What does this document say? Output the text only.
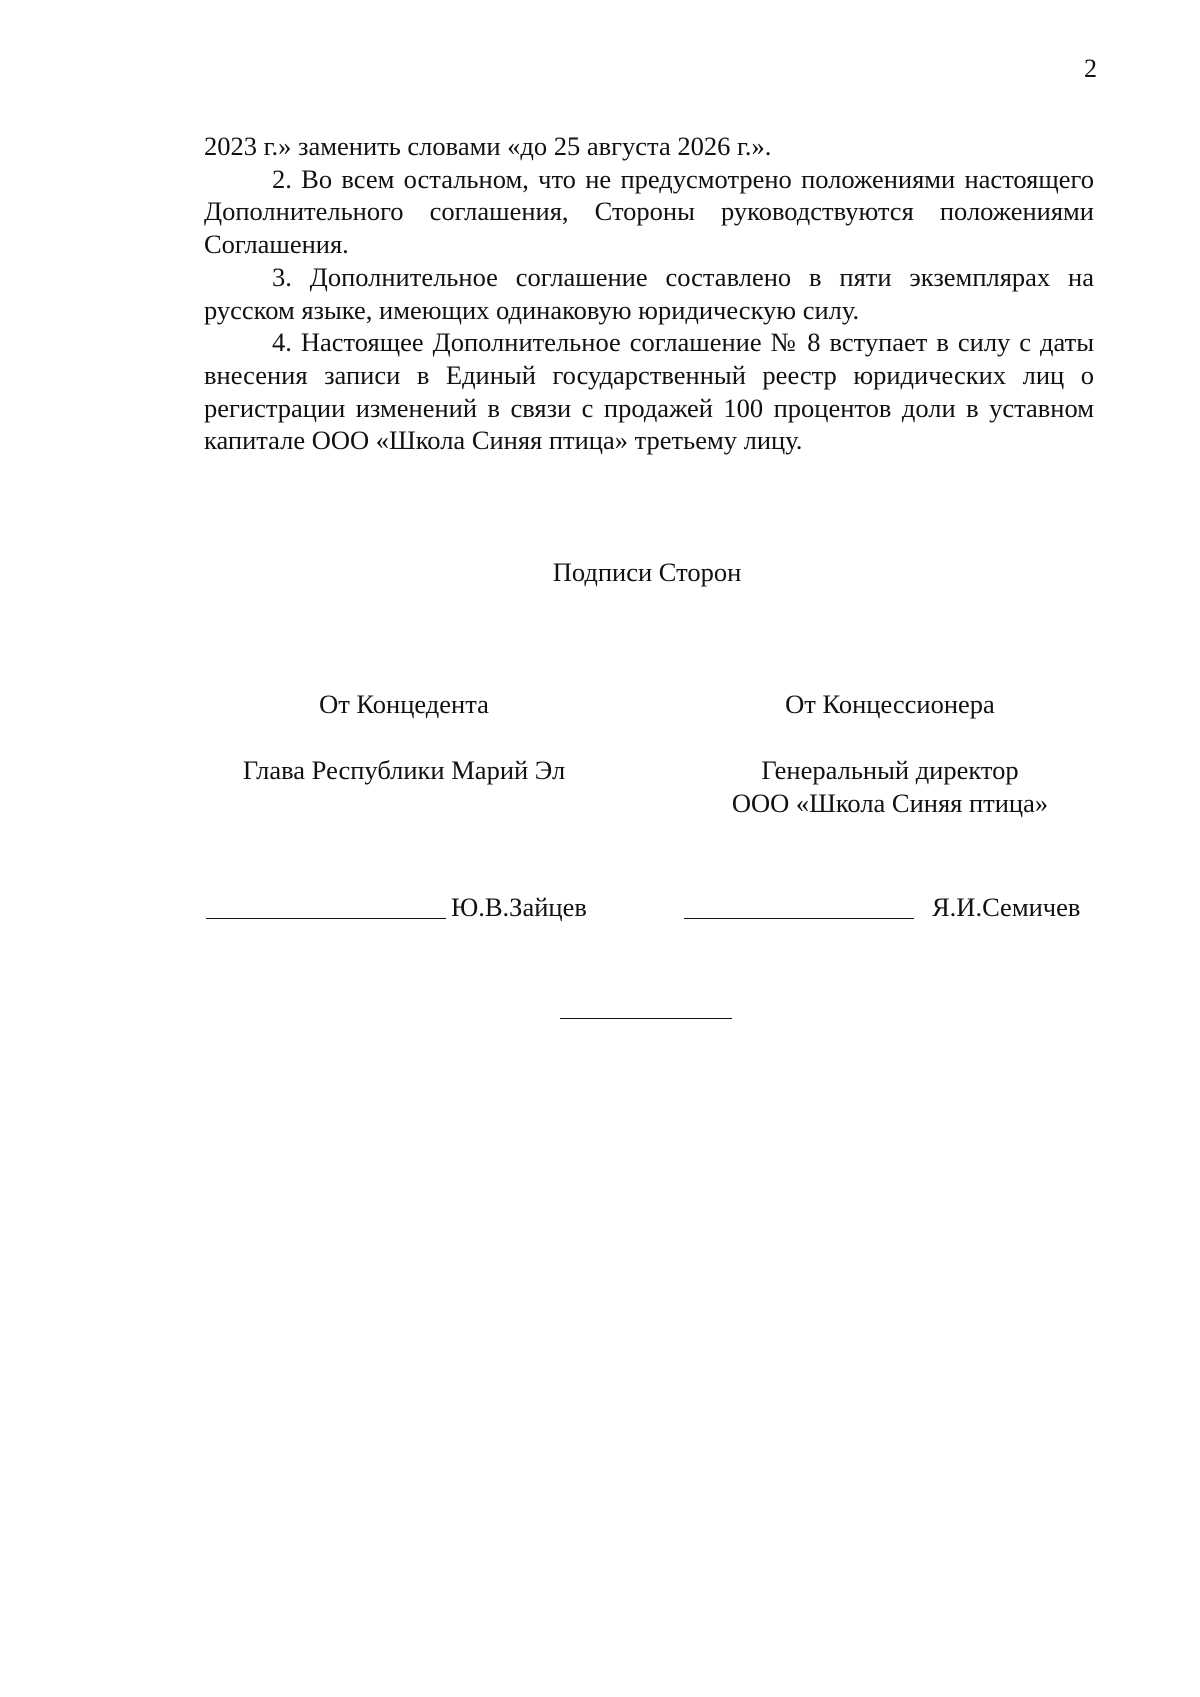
2

2023 г.» заменить словами «до 25 августа 2026 г.».

2. Во всем остальном, что не предусмотрено положениями настоящего Дополнительного соглашения, Стороны руководствуются положениями Соглашения.

3. Дополнительное соглашение составлено в пяти экземплярах на русском языке, имеющих одинаковую юридическую силу.

4. Настоящее Дополнительное соглашение № 8 вступает в силу с даты внесения записи в Единый государственный реестр юридических лиц о регистрации изменений в связи с продажей 100 процентов доли в уставном капитале ООО «Школа Синяя птица» третьему лицу.

Подписи Сторон
От Концедента
Глава Республики Марий Эл
От Концессионера
Генеральный директор
ООО «Школа Синяя птица»
Ю.В.Зайцев	Я.И.Семичев
